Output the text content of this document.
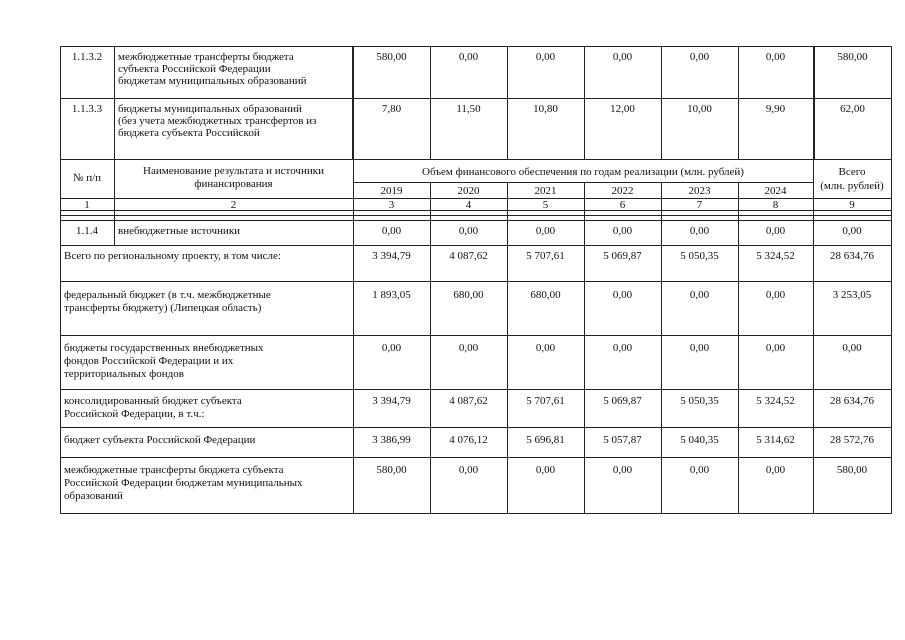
1.1.3.2	межбюджетные трансферты бюджета
субъекта Российской Федерации
бюджетам муниципальных образований
580,00	0,00	0,00	0,00	0,00	0,00	580,00
1.1.3.3	бюджеты муниципальных образований
(без учета межбюджетных трансфертов из
бюджета субъекта Российской
7,80	11,50	10,80	12,00	10,00	9,90	62,00
№ п/п
Наименование результата и источники
финансирования
Объем финансового обеспечения по годам реализации (млн. рублей)
2019	2020	2021	2022	2023	2024
Всего
(млн. рублей)
1	2	3	4	5	6	7	8	9
1.1.4	внебюджетные источники	0,00	0,00	0,00	0,00	0,00	0,00	0,00
Всего по региональному проекту, в том числе:	3 394,79	4 087,62	5 707,61	5 069,87	5 050,35	5 324,52	28 634,76
федеральный бюджет (в т.ч. межбюджетные
трансферты бюджету) (Липецкая область)
1 893,05	680,00	680,00	0,00	0,00	0,00	3 253,05
бюджеты государственных внебюджетных
фондов Российской Федерации и их
территориальных фондов
0,00	0,00	0,00	0,00	0,00	0,00	0,00
консолидированный бюджет субъекта
Российской Федерации, в т.ч.:
3 394,79	4 087,62	5 707,61	5 069,87	5 050,35	5 324,52	28 634,76
бюджет субъекта Российской Федерации	3 386,99	4 076,12	5 696,81	5 057,87	5 040,35	5 314,62	28 572,76
межбюджетные трансферты бюджета субъекта
Российской Федерации бюджетам муниципальных
образований
580,00	0,00	0,00	0,00	0,00	0,00	580,00
